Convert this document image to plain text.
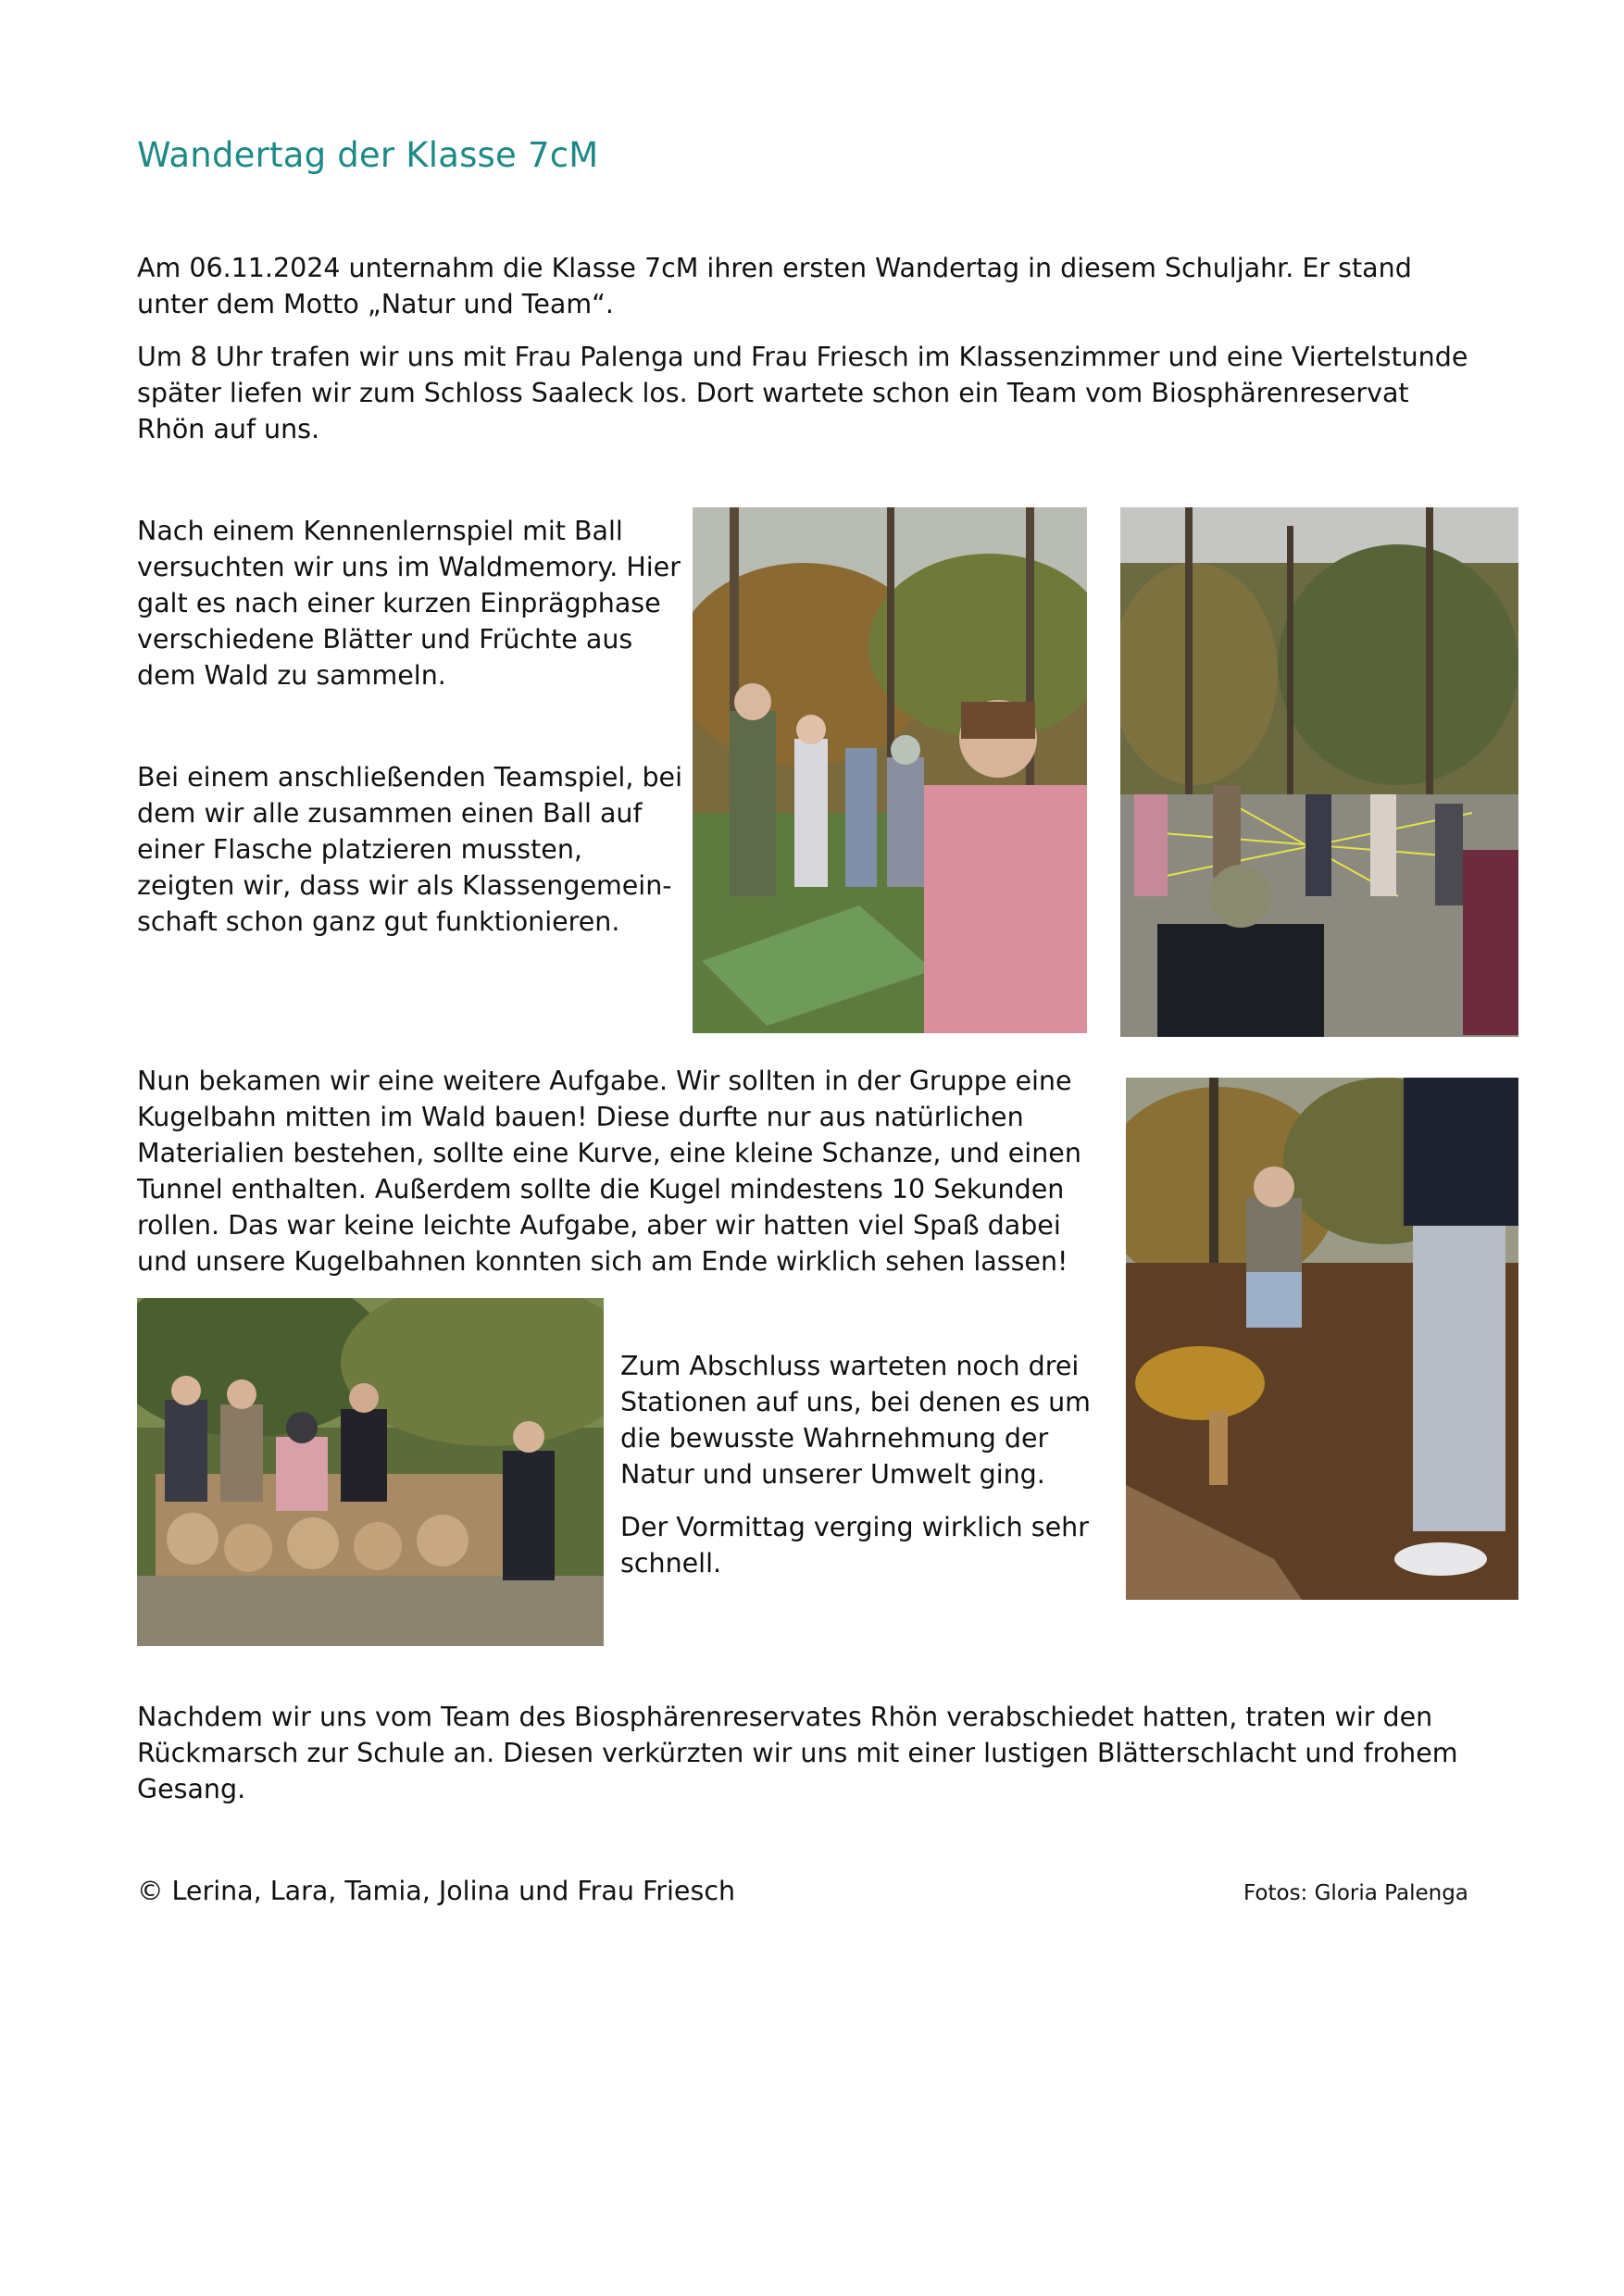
Wandertag der Klasse 7cM

Am 06.11.2024 unternahm die Klasse 7cM ihren ersten Wandertag in diesem Schuljahr. Er stand unter dem Motto „Natur und Team“.

Um 8 Uhr trafen wir uns mit Frau Palenga und Frau Friesch im Klassenzimmer und eine Viertelstunde später liefen wir zum Schloss Saaleck los. Dort wartete schon ein Team vom Biosphärenreservat Rhön auf uns.

Nach einem Kennenlernspiel mit Ball versuchten wir uns im Waldmemory. Hier galt es nach einer kurzen Einprägphase verschiedene Blätter und Früchte aus dem Wald zu sammeln.

Bei einem anschließenden Teamspiel, bei dem wir alle zusammen einen Ball auf einer Flasche platzieren mussten, zeigten wir, dass wir als Klassengemein-schaft schon ganz gut funktionieren.

Nun bekamen wir eine weitere Aufgabe. Wir sollten in der Gruppe eine Kugelbahn mitten im Wald bauen! Diese durfte nur aus natürlichen Materialien bestehen, sollte eine Kurve, eine kleine Schanze, und einen Tunnel enthalten. Außerdem sollte die Kugel mindestens 10 Sekunden rollen. Das war keine leichte Aufgabe, aber wir hatten viel Spaß dabei und unsere Kugelbahnen konnten sich am Ende wirklich sehen lassen!

Zum Abschluss warteten noch drei Stationen auf uns, bei denen es um die bewusste Wahrnehmung der Natur und unserer Umwelt ging.

Der Vormittag verging wirklich sehr schnell.

Nachdem wir uns vom Team des Biosphärenreservates Rhön verabschiedet hatten, traten wir den Rückmarsch zur Schule an. Diesen verkürzten wir uns mit einer lustigen Blätterschlacht und frohem Gesang.

© Lerina, Lara, Tamia, Jolina und Frau Friesch	Fotos: Gloria Palenga
